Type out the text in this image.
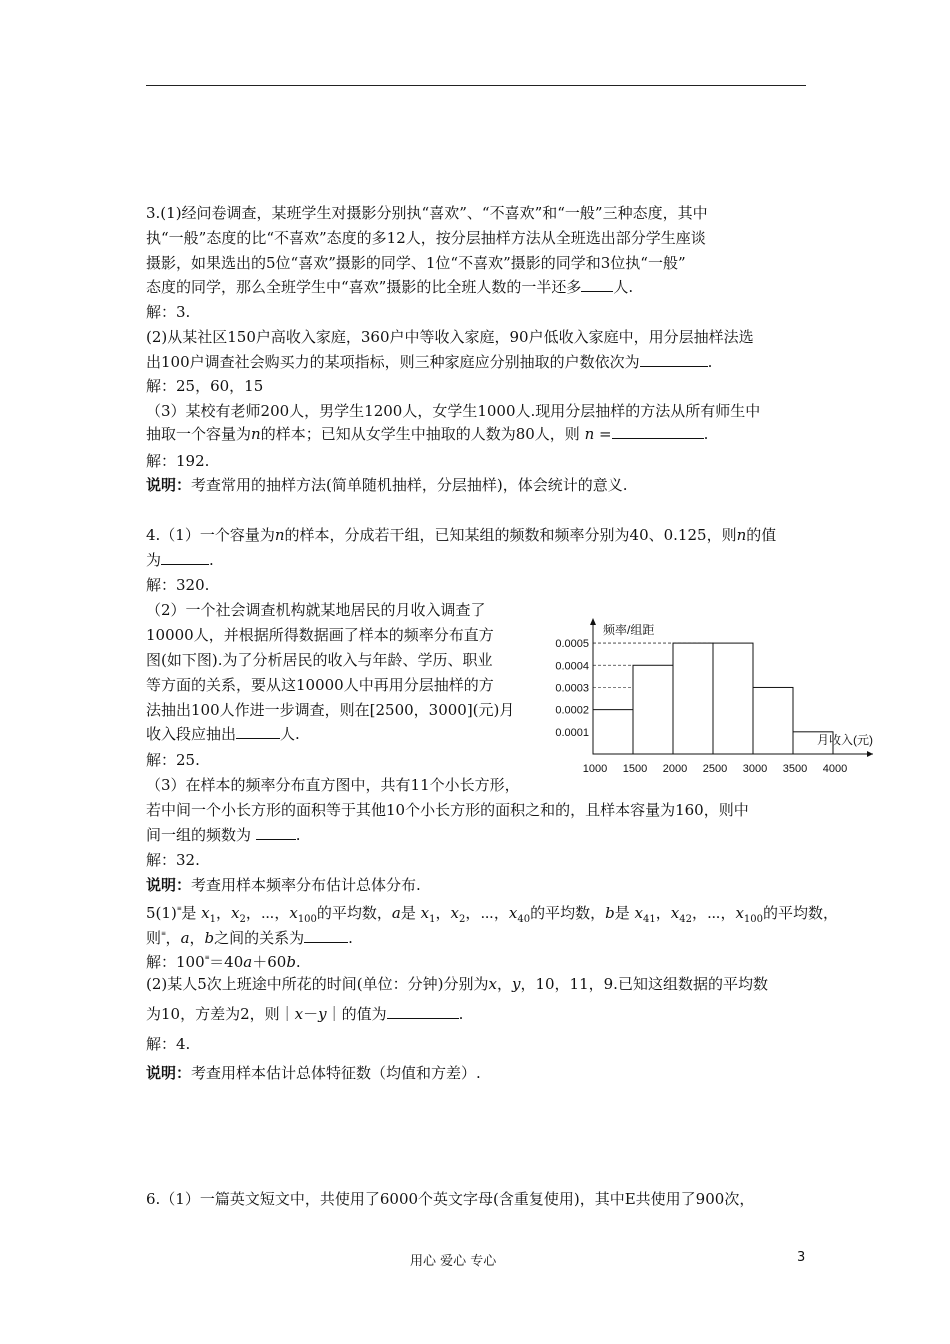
3.(1)经问卷调查，某班学生对摄影分别执“喜欢”、“不喜欢”和“一般”三种态度，其中
执“一般”态度的比“不喜欢”态度的多12人，按分层抽样方法从全班选出部分学生座谈
摄影，如果选出的5位“喜欢”摄影的同学、1位“不喜欢”摄影的同学和3位执“一般”
态度的同学，那么全班学生中“喜欢”摄影的比全班人数的一半还多 人.
解：3.
(2)从某社区150户高收入家庭，360户中等收入家庭，90户低收入家庭中，用分层抽样法选
出100户调查社会购买力的某项指标，则三种家庭应分别抽取的户数依次为	.
解：25，60，15
（3）某校有老师200人，男学生1200人，女学生1000人.现用分层抽样的方法从所有师生中
抽取一个容量为n的样本；已知从女学生中抽取的人数为80人，则 n =	.
解：192.
说明：考查常用的抽样方法(简单随机抽样，分层抽样)，体会统计的意义.
4.（1）一个容量为n的样本，分成若干组，已知某组的频数和频率分别为40、0.125，则n的值
为	.
解：320.
（2）一个社会调查机构就某地居民的月收入调查了
10000人，并根据所得数据画了样本的频率分布直方
图(如下图).为了分析居民的收入与年龄、学历、职业
等方面的关系，要从这10000人中再用分层抽样的方
法抽出100人作进一步调查，则在[2500，3000](元)月
收入段应抽出	人.
解：25.
0.0001
0.0002
0.0003
0.0004
0.0005
1000 1500 2000 2500 3000 3500 4000
频率/组距
月收入(元)
（3）在样本的频率分布直方图中，共有11个小长方形，
若中间一个小长方形的面积等于其他10个小长方形的面积之和的，且样本容量为160，则中
间一组的频数为	.
解：32.
说明：考查用样本频率分布估计总体分布.
5(1)≡是 $x_1$，$x_2$，⋯，$x_{100}$的平均数，a是 $x_1$，$x_2$，⋯，$x_{40}$的平均数，b是 $x_{41}$，$x_{42}$，⋯，$x_{100}$的平均数，
则≡，a，b之间的关系为	.
解：100≡＝40a＋60b.
(2)某人5次上班途中所花的时间(单位：分钟)分别为x，y，10，11，9.已知这组数据的平均数
为10，方差为2，则｜x－y｜的值为	.
解：4.
说明：考查用样本估计总体特征数（均值和方差）.
6.（1）一篇英文短文中，共使用了6000个英文字母(含重复使用)，其中E共使用了900次，
用心 爱心 专心	3
